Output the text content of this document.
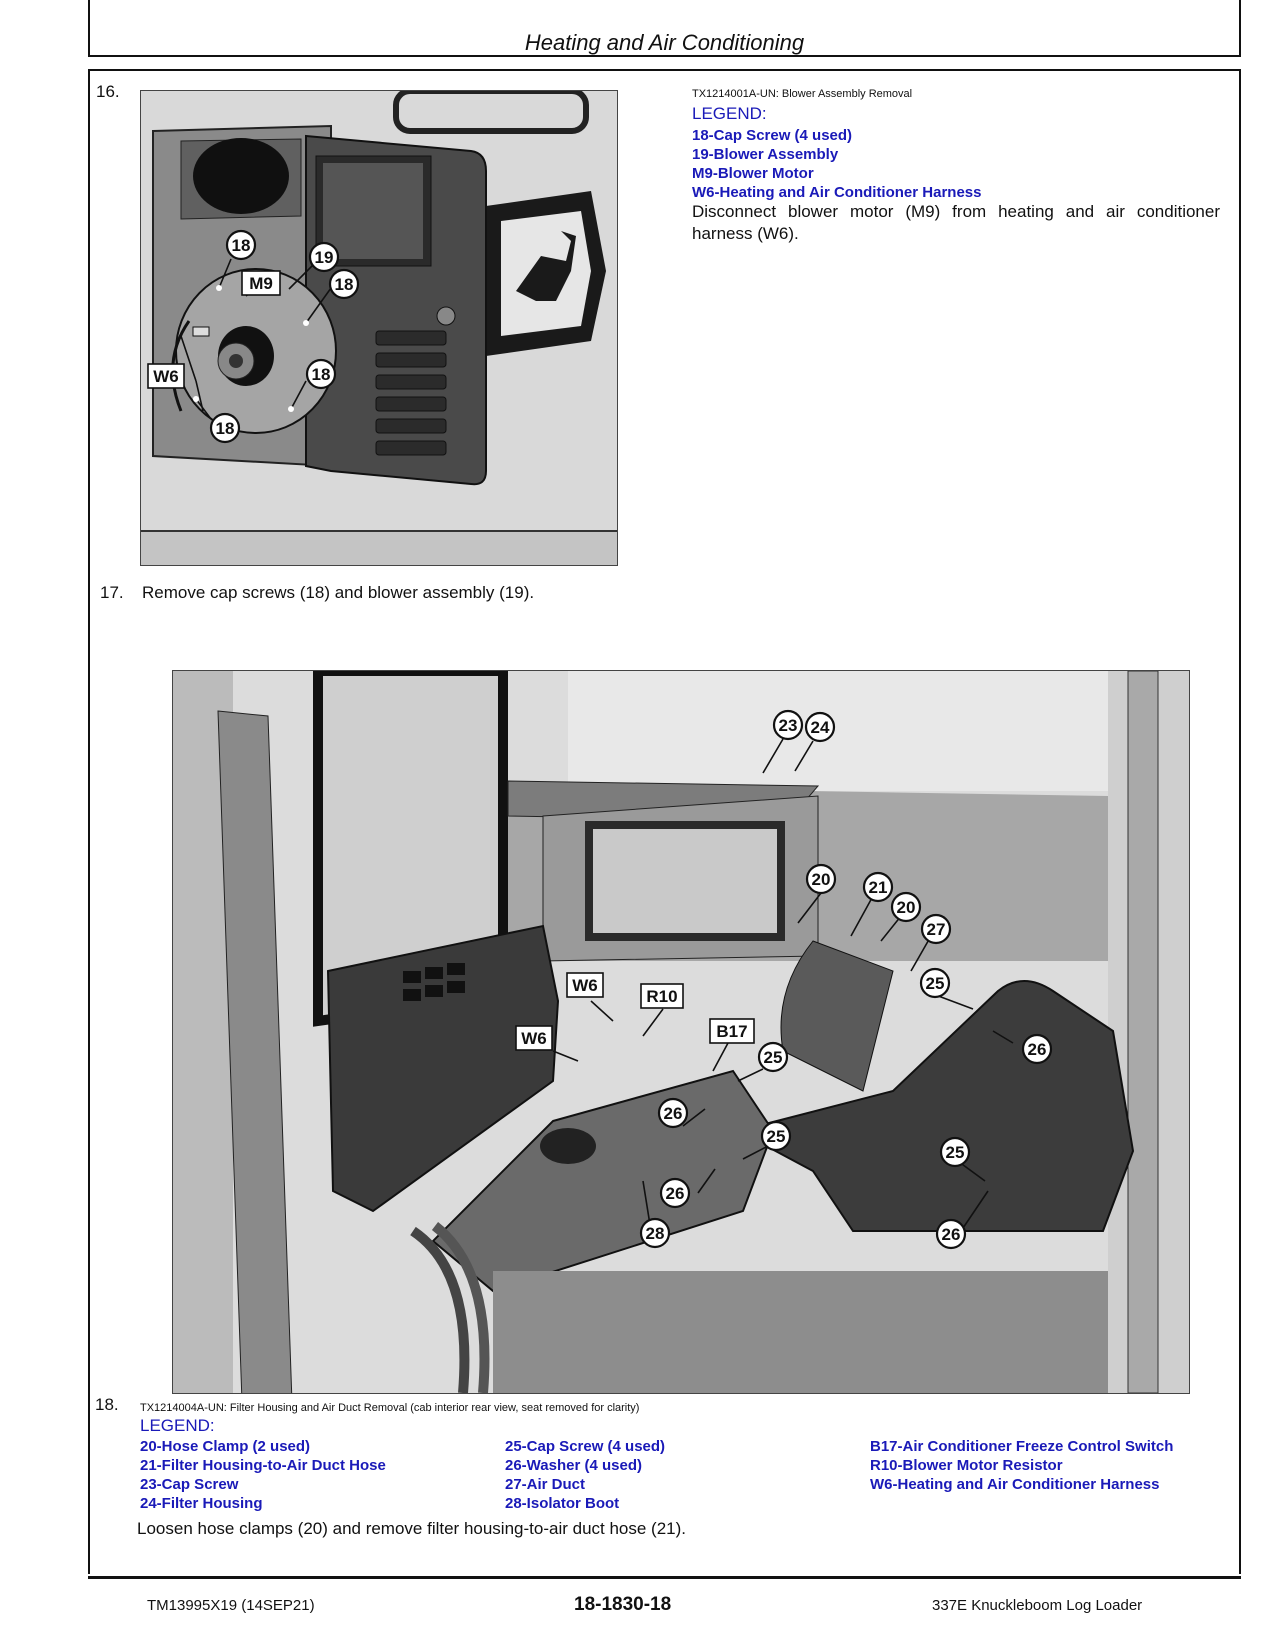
Heating and Air Conditioning
16.
18
19
M9	18
W6	18
18
TX1214001A-UN: Blower Assembly Removal
LEGEND:
18-Cap Screw (4 used)
19-Blower Assembly
M9-Blower Motor
W6-Heating and Air Conditioner Harness
Disconnect blower motor (M9) from heating and air conditioner harness (W6).
17. Remove cap screws (18) and blower assembly (19).
23 24
20 21
20
27
W6
R10
25
W6	B17
26
25
26
25
25
26
28	26
18. TX1214004A-UN: Filter Housing and Air Duct Removal (cab interior rear view, seat removed for clarity)
LEGEND:
20-Hose Clamp (2 used)
21-Filter Housing-to-Air Duct Hose
23-Cap Screw
24-Filter Housing
25-Cap Screw (4 used)
26-Washer (4 used)
27-Air Duct
28-Isolator Boot
B17-Air Conditioner Freeze Control Switch
R10-Blower Motor Resistor
W6-Heating and Air Conditioner Harness
Loosen hose clamps (20) and remove filter housing-to-air duct hose (21).
TM13995X19 (14SEP21)	18-1830-18	337E Knuckleboom Log Loader
